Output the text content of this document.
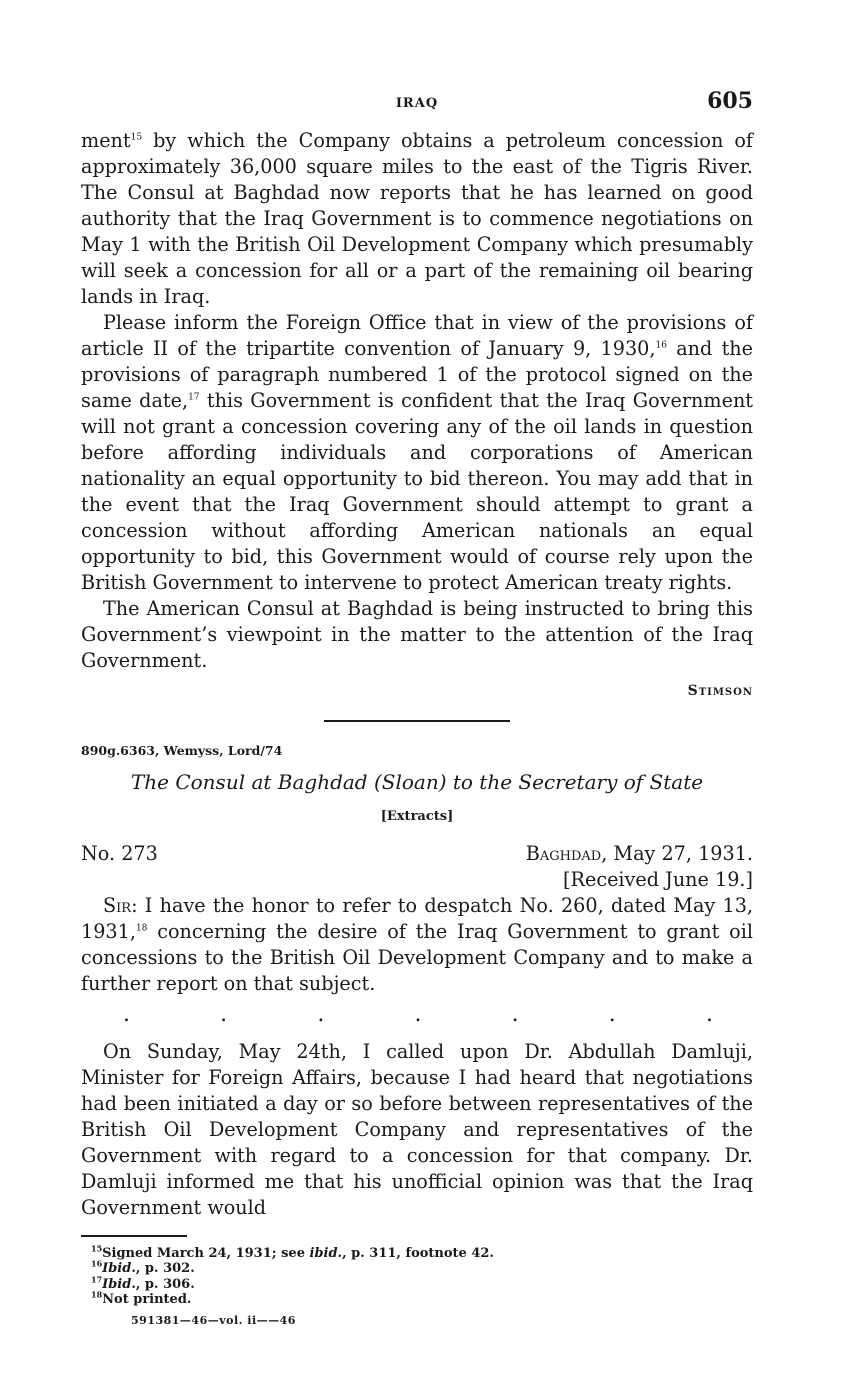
IRAQ	605

ment$^{15}$ by which the Company obtains a petroleum concession of approximately 36,000 square miles to the east of the Tigris River. The Consul at Baghdad now reports that he has learned on good authority that the Iraq Government is to commence negotiations on May 1 with the British Oil Development Company which presumably will seek a concession for all or a part of the remaining oil bearing lands in Iraq.

Please inform the Foreign Office that in view of the provisions of article II of the tripartite convention of January 9, 1930,16 and the provisions of paragraph numbered 1 of the protocol signed on the same date,$^{17}$ this Government is confident that the Iraq Government will not grant a concession covering any of the oil lands in question before affording individuals and corporations of American nationality an equal opportunity to bid thereon. You may add that in the event that the Iraq Government should attempt to grant a concession without affording American nationals an equal opportunity to bid, this Government would of course rely upon the British Government to intervene to protect American treaty rights.

The American Consul at Baghdad is being instructed to bring this Government’s viewpoint in the matter to the attention of the Iraq Government.

Stimson
890g.6363, Wemyss, Lord/74
The Consul at Baghdad (Sloan) to the Secretary of State
[Extracts]
No. 273	Baghdad, May 27, 1931.
[Received June 19.]

Sir: I have the honor to refer to despatch No. 260, dated May 13, 1931,18 concerning the desire of the Iraq Government to grant oil concessions to the British Oil Development Company and to make a further report on that subject.

.	.	.	.	.	.	.

On Sunday, May 24th, I called upon Dr. Abdullah Damluji, Minister for Foreign Affairs, because I had heard that negotiations had been initiated a day or so before between representatives of the British Oil Development Company and representatives of the Government with regard to a concession for that company. Dr. Damluji informed me that his unofficial opinion was that the Iraq Government would

$^{15}$Signed March 24, 1931; see ibid., p. 311, footnote 42.
$^{16}$Ibid., p. 302.
$^{17}$Ibid., p. 306.
$^{18}$Not printed.
591381—46—vol. ii——46
